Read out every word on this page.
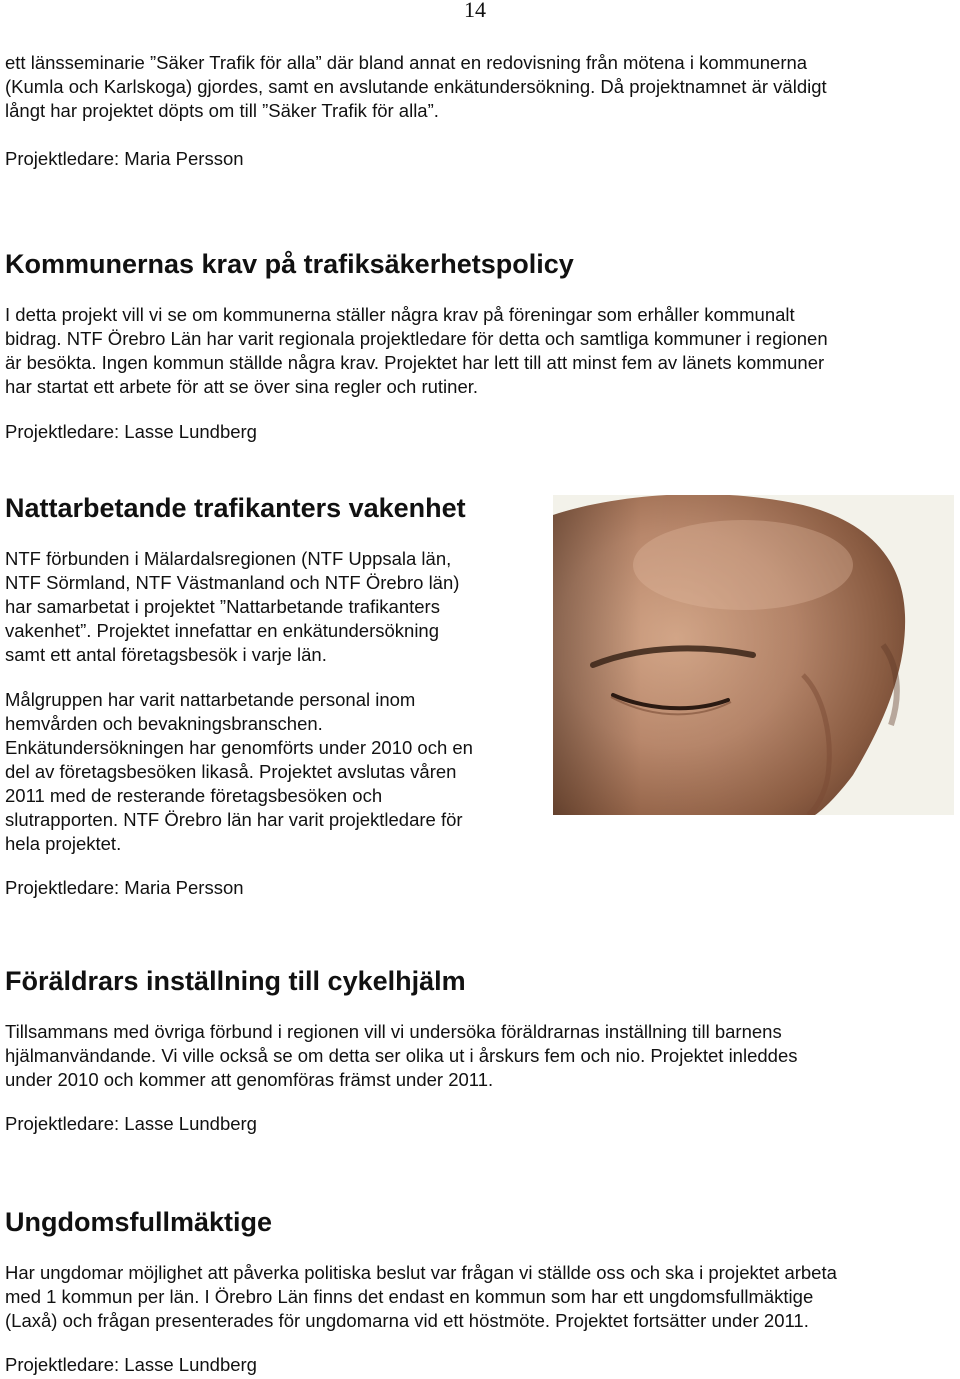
14

ett länsseminarie ”Säker Trafik för alla” där bland annat en redovisning från mötena i kommunerna

(Kumla och Karlskoga) gjordes, samt en avslutande enkätundersökning. Då projektnamnet är väldigt

långt har projektet döpts om till ”Säker Trafik för alla”.

Projektledare: Maria Persson

Kommunernas krav på trafiksäkerhetspolicy

I detta projekt vill vi se om kommunerna ställer några krav på föreningar som erhåller kommunalt

bidrag. NTF Örebro Län har varit regionala projektledare för detta och samtliga kommuner i regionen

är besökta. Ingen kommun ställde några krav. Projektet har lett till att minst fem av länets kommuner

har startat ett arbete för att se över sina regler och rutiner.

Projektledare: Lasse Lundberg

Nattarbetande trafikanters vakenhet

NTF förbunden i Mälardalsregionen (NTF Uppsala län,

NTF Sörmland, NTF Västmanland och NTF Örebro län)

har samarbetat i projektet ”Nattarbetande trafikanters

vakenhet”. Projektet innefattar en enkätundersökning

samt ett antal företagsbesök i varje län.

Målgruppen har varit nattarbetande personal inom

hemvården och bevakningsbranschen.

Enkätundersökningen har genomförts under 2010 och en

del av företagsbesöken likaså. Projektet avslutas våren

2011 med de resterande företagsbesöken och

slutrapporten. NTF Örebro län har varit projektledare för

hela projektet.

Projektledare: Maria Persson

Föräldrars inställning till cykelhjälm

Tillsammans med övriga förbund i regionen vill vi undersöka föräldrarnas inställning till barnens

hjälmanvändande. Vi ville också se om detta ser olika ut i årskurs fem och nio. Projektet inleddes

under 2010 och kommer att genomföras främst under 2011.

Projektledare: Lasse Lundberg

Ungdomsfullmäktige

Har ungdomar möjlighet att påverka politiska beslut var frågan vi ställde oss och ska i projektet arbeta

med 1 kommun per län. I Örebro Län finns det endast en kommun som har ett ungdomsfullmäktige

(Laxå) och frågan presenterades för ungdomarna vid ett höstmöte. Projektet fortsätter under 2011.

Projektledare: Lasse Lundberg
